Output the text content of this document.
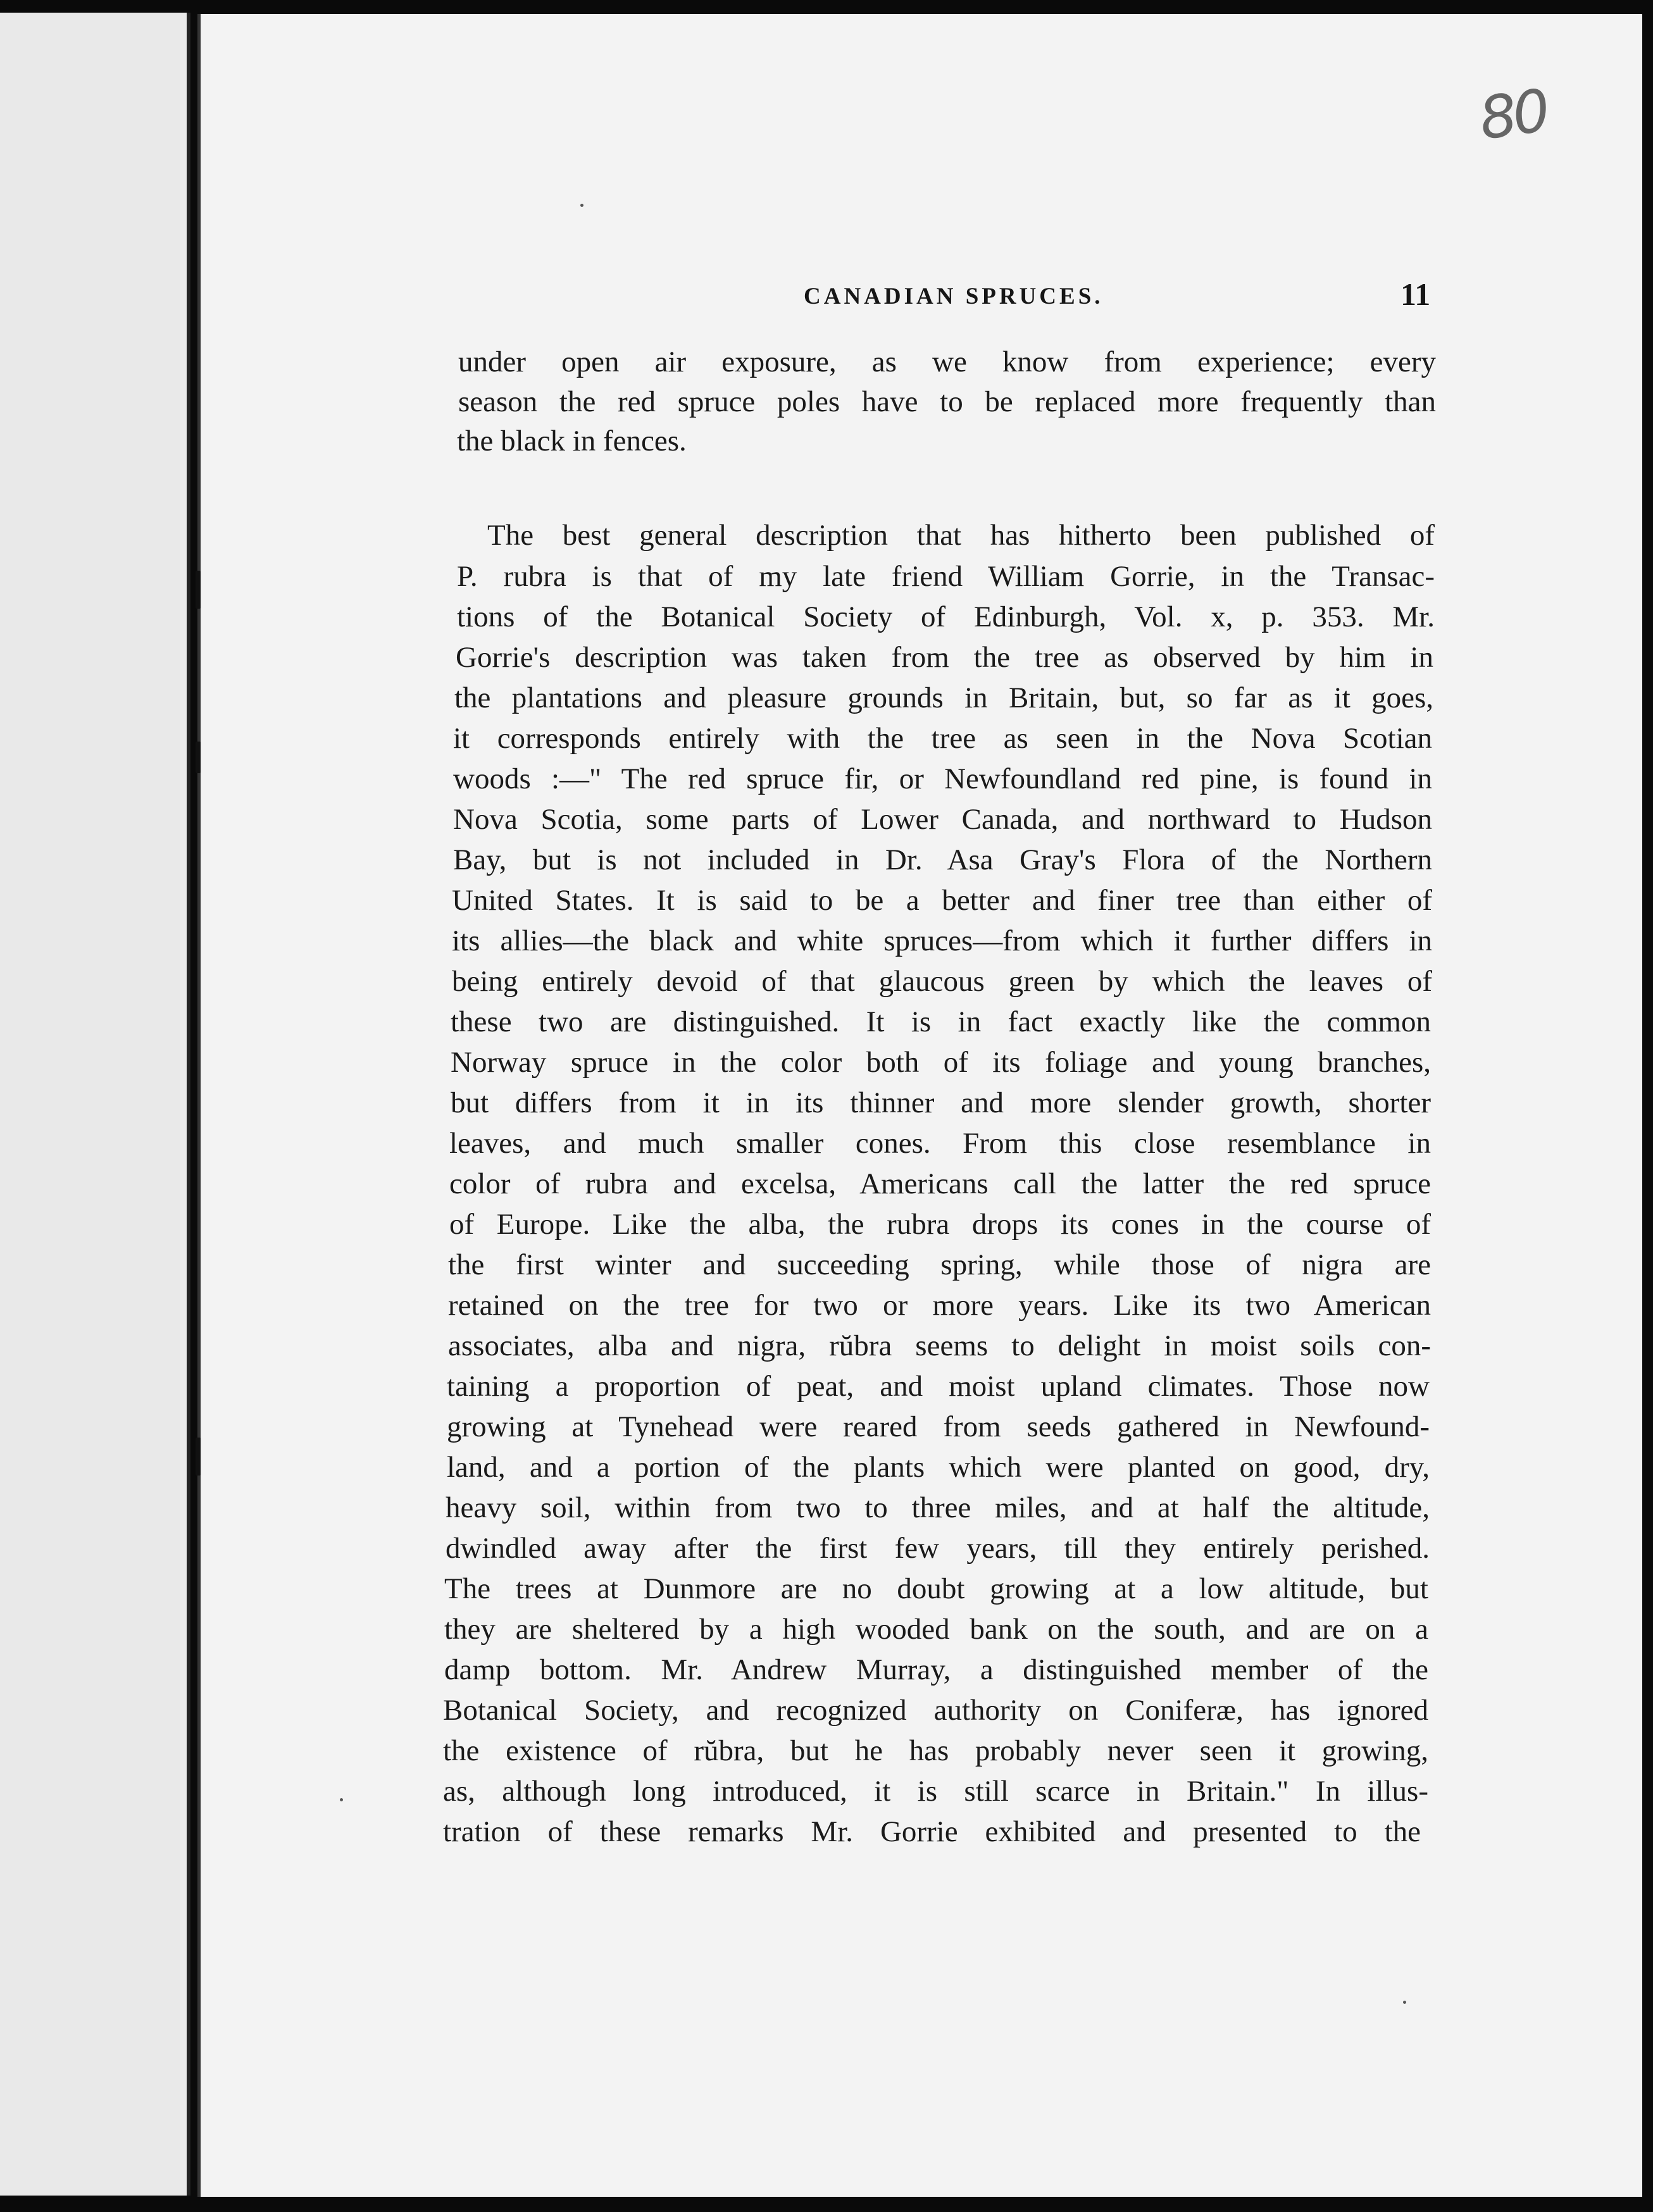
80
CANADIAN SPRUCES.	11
under open air exposure, as we know from experience; every
season the red spruce poles have to be replaced more frequently than
the black in fences.
The best general description that has hitherto been published of
P. rubra is that of my late friend William Gorrie, in the Transac-
tions of the Botanical Society of Edinburgh, Vol. x, p. 353. Mr.
Gorrie's description was taken from the tree as observed by him in
the plantations and pleasure grounds in Britain, but, so far as it goes,
it corresponds entirely with the tree as seen in the Nova Scotian
woods :—" The red spruce fir, or Newfoundland red pine, is found in
Nova Scotia, some parts of Lower Canada, and northward to Hudson
Bay, but is not included in Dr. Asa Gray's Flora of the Northern
United States. It is said to be a better and finer tree than either of
its allies—the black and white spruces—from which it further differs in
being entirely devoid of that glaucous green by which the leaves of
these two are distinguished. It is in fact exactly like the common
Norway spruce in the color both of its foliage and young branches,
but differs from it in its thinner and more slender growth, shorter
leaves, and much smaller cones. From this close resemblance in
color of rubra and excelsa, Americans call the latter the red spruce
of Europe. Like the alba, the rubra drops its cones in the course of
the first winter and succeeding spring, while those of nigra are
retained on the tree for two or more years. Like its two American
associates, alba and nigra, rŭbra seems to delight in moist soils con-
taining a proportion of peat, and moist upland climates. Those now
growing at Tynehead were reared from seeds gathered in Newfound-
land, and a portion of the plants which were planted on good, dry,
heavy soil, within from two to three miles, and at half the altitude,
dwindled away after the first few years, till they entirely perished.
The trees at Dunmore are no doubt growing at a low altitude, but
they are sheltered by a high wooded bank on the south, and are on a
damp bottom. Mr. Andrew Murray, a distinguished member of the
Botanical Society, and recognized authority on Coniferæ, has ignored
the existence of rŭbra, but he has probably never seen it growing,
as, although long introduced, it is still scarce in Britain." In illus-
tration of these remarks Mr. Gorrie exhibited and presented to the
